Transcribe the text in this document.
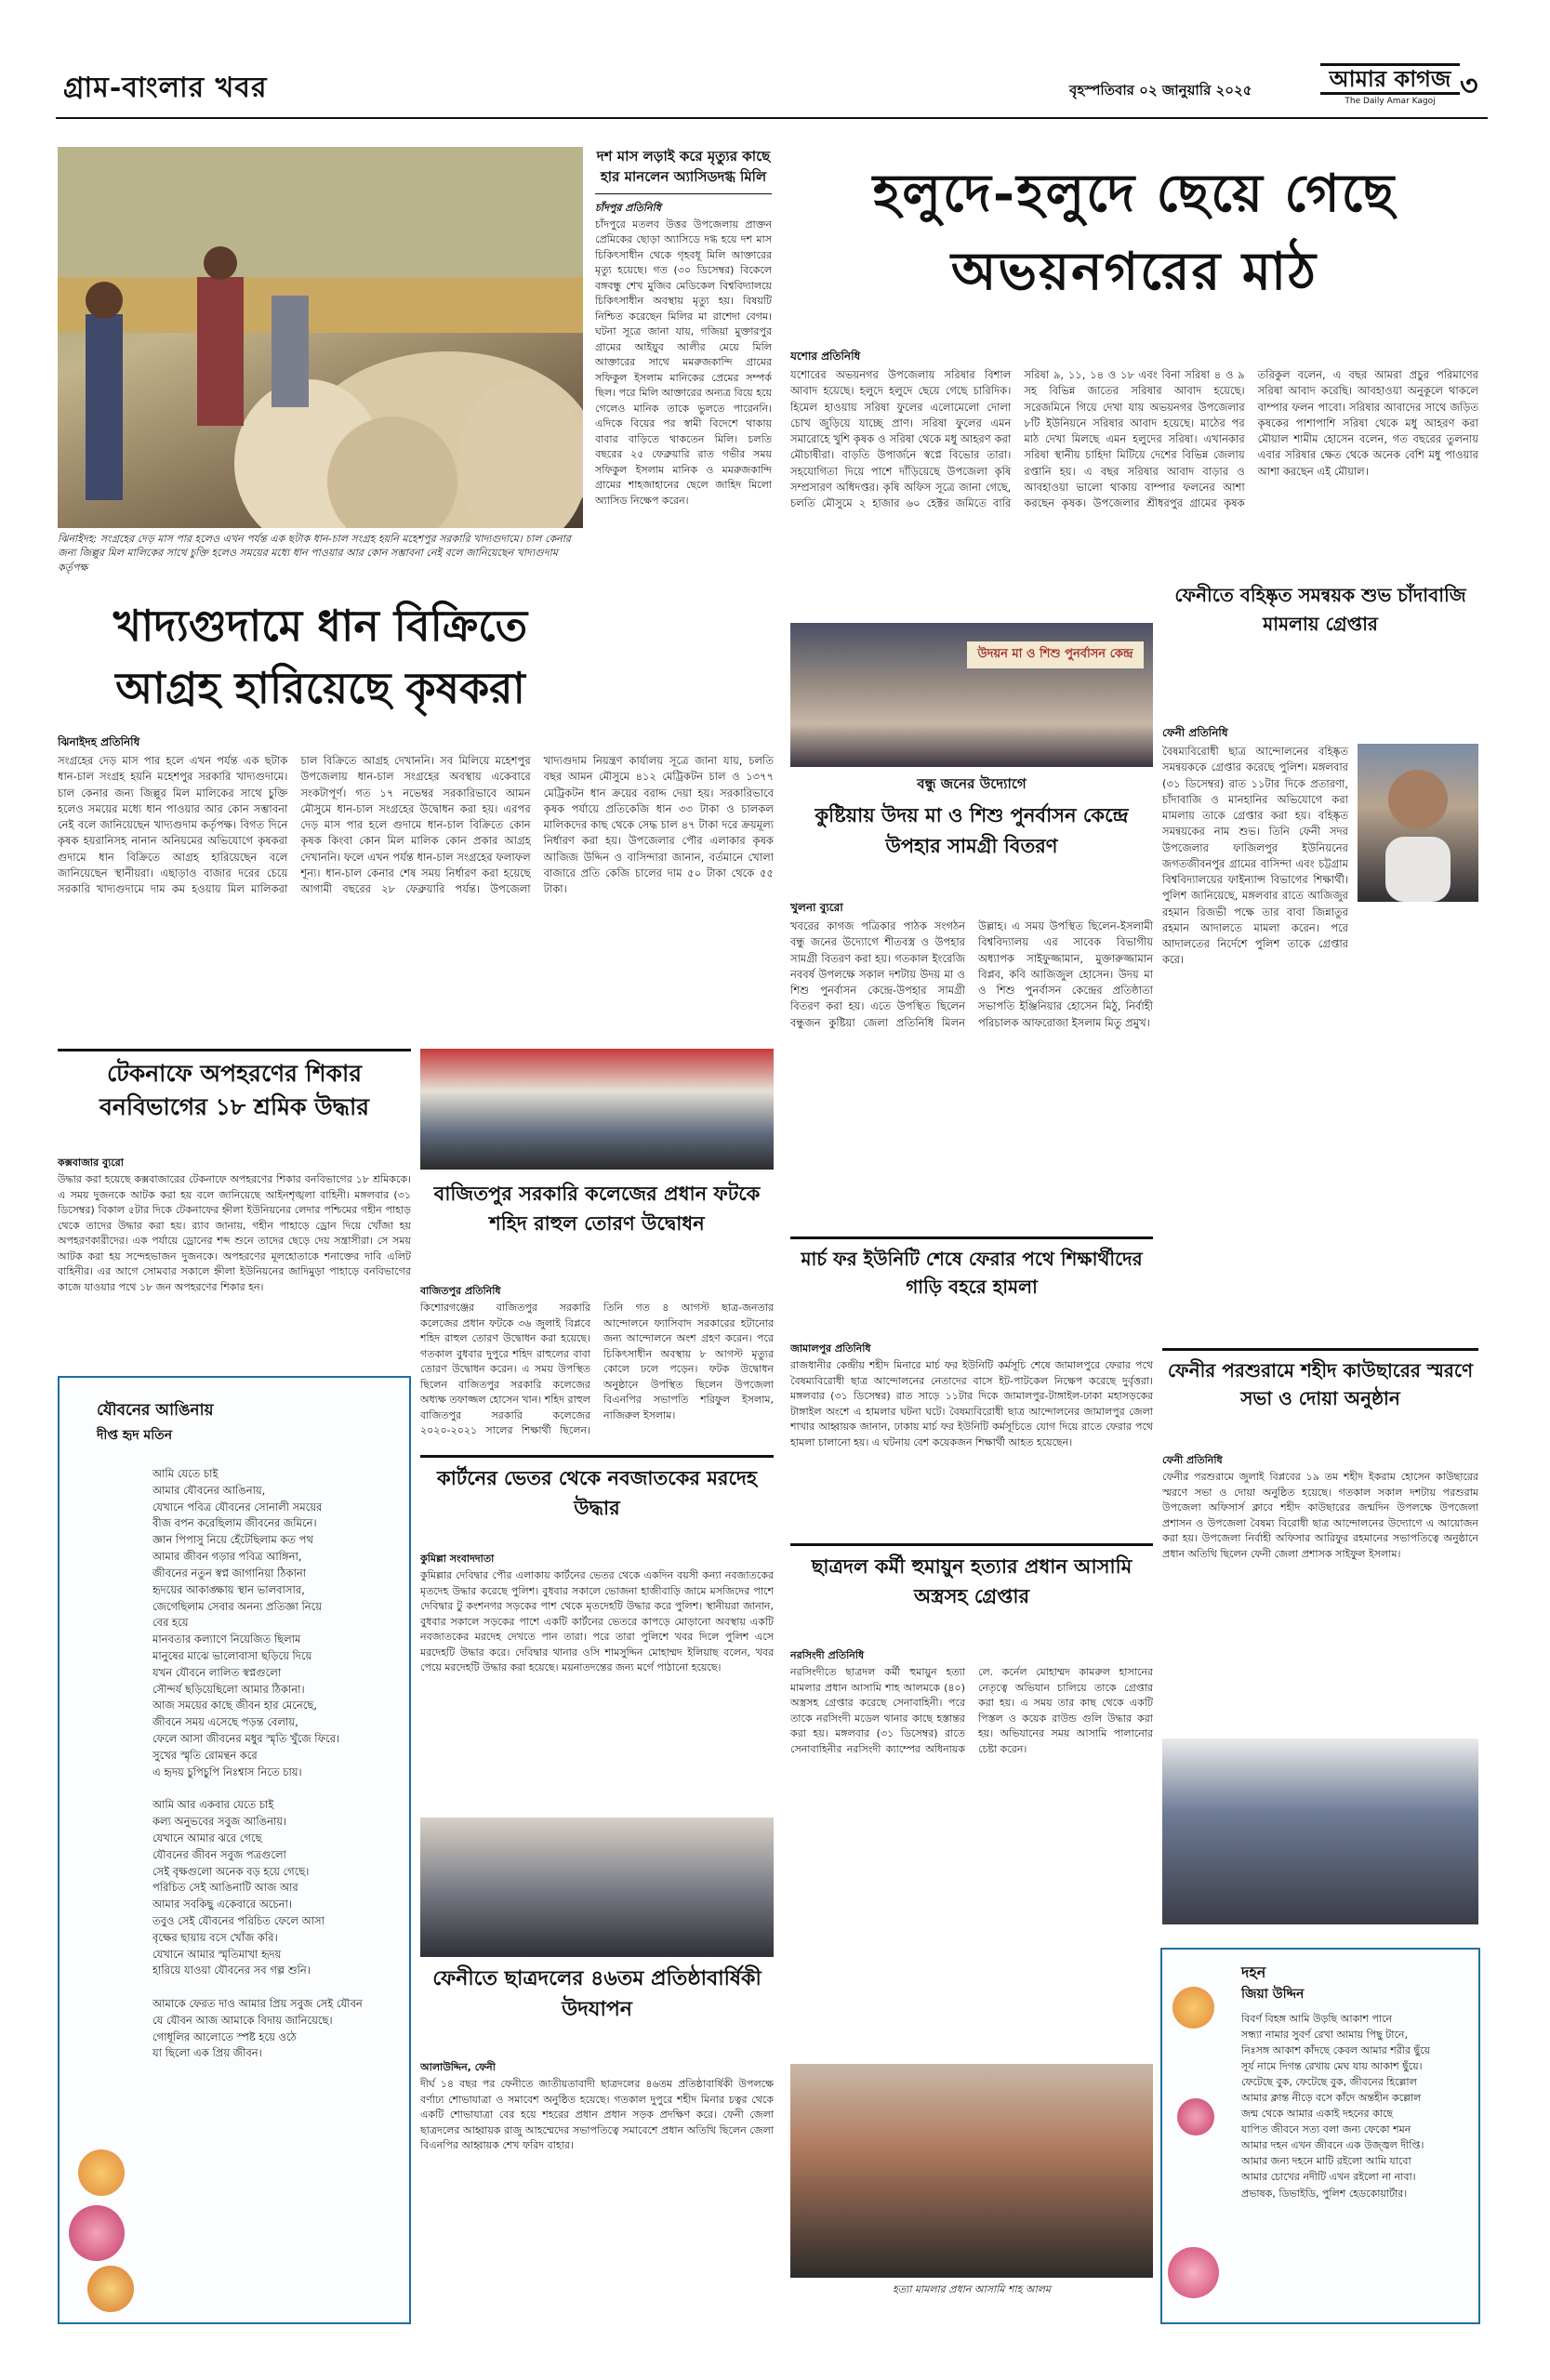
গ্রাম-বাংলার খবর	বৃহস্পতিবার ০২ জানুয়ারি ২০২৫	আমার কাগজ
The Daily Amar Kagoj ৩
ঝিনাইদহ: সংগ্রহের দেড় মাস পার হলেও এখন পর্যন্ত এক ছটাক ধান-চাল সংগ্রহ হয়নি মহেশপুর সরকারি খাদ্যগুদামে। চাল কেনার জন্য জিল্লুর মিল মালিকের সাথে চুক্তি হলেও সময়ের মধ্যে ধান পাওয়ার আর কোন সম্ভাবনা নেই বলে জানিয়েছেন খাদ্যগুদাম কর্তৃপক্ষ
দশ মাস লড়াই করে মৃত্যুর কাছে হার মানলেন অ্যাসিডদগ্ধ মিলি
চাঁদপুর প্রতিনিধি
চাঁদপুরে মতলব উত্তর উপজেলায় প্রাক্তন প্রেমিকের ছোড়া অ্যাসিডে দগ্ধ হয়ে দশ মাস চিকিৎসাধীন থেকে গৃহবধূ মিলি আক্তারের মৃত্যু হয়েছে। গত (৩০ ডিসেম্বর) বিকেলে বঙ্গবন্ধু শেখ মুজিব মেডিকেল বিশ্ববিদ্যালয়ে চিকিৎসাধীন অবস্থায় মৃত্যু হয়। বিষয়টি নিশ্চিত করেছেন মিলির মা রাশেদা বেগম। ঘটনা সূত্রে জানা যায়, গজিয়া মুক্তারপুর গ্রামের আইয়ুব আলীর মেয়ে মিলি আক্তারের সাথে মমরুজকান্দি গ্রামের সফিকুল ইসলাম মানিকের প্রেমের সম্পর্ক ছিল। পরে মিলি আক্তারের অন্যত্র বিয়ে হয়ে গেলেও মানিক তাকে ভুলতে পারেননি। এদিকে বিয়ের পর স্বামী বিদেশে থাকায় বাবার বাড়িতে থাকতেন মিলি। চলতি বছরের ২৫ ফেব্রুয়ারি রাত গভীর সময় সফিকুল ইসলাম মানিক ও মমরুজকান্দি গ্রামের শাহজাহানের ছেলে জাহিদ মিলো অ্যাসিড নিক্ষেপ করেন।
হলুদে-হলুদে ছেয়ে গেছে অভয়নগরের মাঠ
যশোর প্রতিনিধি
যশোরের অভয়নগর উপজেলায় সরিষার বিশাল আবাদ হয়েছে। হলুদে হলুদে ছেয়ে গেছে চারিদিক। হিমেল হাওয়ায় সরিষা ফুলের এলোমেলো দোলা চোখ জুড়িয়ে যাচ্ছে প্রাণ। সরিষা ফুলের এমন সমারোহে খুশি কৃষক ও সরিষা থেকে মধু আহরণ করা মৌচাষীরা। বাড়তি উপার্জনে স্বপ্নে বিভোর তারা। সহযোগিতা দিয়ে পাশে দাঁড়িয়েছে উপজেলা কৃষি সম্প্রসারণ অধিদপ্তর। কৃষি অফিস সূত্রে জানা গেছে, চলতি মৌসুমে ২ হাজার ৬০ হেক্টর জমিতে বারি সরিষা ৯, ১১, ১৪ ও ১৮ এবং বিনা সরিষা ৪ ও ৯ সহ বিভিন্ন জাতের সরিষার আবাদ হয়েছে। সরেজমিনে গিয়ে দেখা যায় অভয়নগর উপজেলার ৮টি ইউনিয়নে সরিষার আবাদ হয়েছে। মাঠের পর মাঠ দেখা মিলছে এমন হলুদের সরিষা। এখানকার সরিষা স্থানীয় চাহিদা মিটিয়ে দেশের বিভিন্ন জেলায় রপ্তানি হয়। এ বছর সরিষার আবাদ বাড়ার ও আবহাওয়া ভালো থাকায় বাম্পার ফলনের আশা করছেন কৃষক। উপজেলার শ্রীধরপুর গ্রামের কৃষক তরিকুল বলেন, এ বছর আমরা প্রচুর পরিমাণের সরিষা আবাদ করেছি। আবহাওয়া অনুকূলে থাকলে বাম্পার ফলন পাবো। সরিষার আবাদের সাথে জড়িত কৃষকের পাশাপাশি সরিষা থেকে মধু আহরণ করা মৌয়াল শামীম হোসেন বলেন, গত বছরের তুলনায় এবার সরিষার ক্ষেত থেকে অনেক বেশি মধু পাওয়ার আশা করছেন এই মৌয়াল।
খাদ্যগুদামে ধান বিক্রিতে আগ্রহ হারিয়েছে কৃষকরা
ঝিনাইদহ প্রতিনিধি
সংগ্রহের দেড় মাস পার হলে এখন পর্যন্ত এক ছটাক ধান-চাল সংগ্রহ হয়নি মহেশপুর সরকারি খাদ্যগুদামে। চাল কেনার জন্য জিল্লুর মিল মালিকের সাথে চুক্তি হলেও সময়ের মধ্যে ধান পাওয়ার আর কোন সম্ভাবনা নেই বলে জানিয়েছেন খাদ্যগুদাম কর্তৃপক্ষ। বিগত দিনে কৃষক হয়রানিসহ নানান অনিয়মের অভিযোগে কৃষকরা গুদামে ধান বিক্রিতে আগ্রহ হারিয়েছেন বলে জানিয়েছেন স্থানীয়রা। এছাড়াও বাজার দরের চেয়ে সরকারি খাদ্যগুদামে দাম কম হওয়ায় মিল মালিকরা চাল বিক্রিতে আগ্রহ দেখাননি। সব মিলিয়ে মহেশপুর উপজেলায় ধান-চাল সংগ্রহের অবস্থায় একেবারে সংকটাপূর্ণ। গত ১৭ নভেম্বর সরকারিভাবে আমন মৌসুমে ধান-চাল সংগ্রহের উদ্বোধন করা হয়। এরপর দেড় মাস পার হলে গুদামে ধান-চাল বিক্রিতে কোন কৃষক কিংবা কোন মিল মালিক কোন প্রকার আগ্রহ দেখাননি। ফলে এখন পর্যন্ত ধান-চাল সংগ্রহের ফলাফল শূন্য। ধান-চাল কেনার শেষ সময় নির্ধারণ করা হয়েছে আগামী বছরের ২৮ ফেব্রুয়ারি পর্যন্ত। উপজেলা খাদ্যগুদাম নিয়ন্ত্রণ কার্যালয় সূত্রে জানা যায়, চলতি বছর আমন মৌসুমে ৪১২ মেট্রিকটন চাল ও ১৩৭৭ মেট্রিকটন ধান ক্রয়ের বরাদ্দ দেয়া হয়। সরকারিভাবে কৃষক পর্যায়ে প্রতিকেজি ধান ৩৩ টাকা ও চালকল মালিকদের কাছ থেকে সেদ্ধ চাল ৪৭ টাকা দরে ক্রয়মূল্য নির্ধারণ করা হয়। উপজেলার পৌর এলাকার কৃষক আজিজ উদ্দিন ও বাসিন্দারা জানান, বর্তমানে খোলা বাজারে প্রতি কেজি চালের দাম ৫০ টাকা থেকে ৫৫ টাকা।
উদয়ন মা ও শিশু পুনর্বাসন কেন্দ্র
বন্ধু জনের উদ্যোগে
কুষ্টিয়ায় উদয় মা ও শিশু পুনর্বাসন কেন্দ্রে উপহার সামগ্রী বিতরণ
খুলনা ব্যুরো
খবরের কাগজ পত্রিকার পাঠক সংগঠন বন্ধু জনের উদ্যোগে শীতবস্ত্র ও উপহার সামগ্রী বিতরণ করা হয়। গতকাল ইংরেজি নববর্ষ উপলক্ষে সকাল দশটায় উদয় মা ও শিশু পুনর্বাসন কেন্দ্রে-উপহার সামগ্রী বিতরণ করা হয়। এতে উপস্থিত ছিলেন বন্ধুজন কুষ্টিয়া জেলা প্রতিনিধি মিলন উল্লাহ। এ সময় উপস্থিত ছিলেন-ইসলামী বিশ্ববিদ্যালয় এর সাবেক বিভাগীয় অধ্যাপক সাইফুজ্জামান, মুক্তারুজ্জামান বিপ্লব, কবি আজিজুল হোসেন। উদয় মা ও শিশু পুনর্বাসন কেন্দ্রের প্রতিষ্ঠাতা সভাপতি ইঞ্জিনিয়ার হোসেন মিঠু, নির্বাহী পরিচালক আফরোজা ইসলাম মিতু প্রমুখ।
ফেনীতে বহিষ্কৃত সমন্বয়ক শুভ চাঁদাবাজি মামলায় গ্রেপ্তার
ফেনী প্রতিনিধি
বৈষম্যবিরোধী ছাত্র আন্দোলনের বহিষ্কৃত সমন্বয়ককে গ্রেপ্তার করেছে পুলিশ। মঙ্গলবার (৩১ ডিসেম্বর) রাত ১১টার দিকে প্রতারণা, চাঁদাবাজি ও মানহানির অভিযোগে করা মামলায় তাকে গ্রেপ্তার করা হয়। বহিষ্কৃত সমন্বয়কের নাম শুভ। তিনি ফেনী সদর উপজেলার ফাজিলপুর ইউনিয়নের জগতজীবনপুর গ্রামের বাসিন্দা এবং চট্টগ্রাম বিশ্ববিদ্যালয়ের ফাইন্যান্স বিভাগের শিক্ষার্থী। পুলিশ জানিয়েছে, মঙ্গলবার রাতে আজিজুর রহমান রিজভী পক্ষে তার বাবা জিন্নাতুর রহমান আদালতে মামলা করেন। পরে আদালতের নির্দেশে পুলিশ তাকে গ্রেপ্তার করে।
টেকনাফে অপহরণের শিকার বনবিভাগের ১৮ শ্রমিক উদ্ধার
কক্সবাজার ব্যুরো
উদ্ধার করা হয়েছে কক্সবাজারের টেকনাফে অপহরণের শিকার বনবিভাগের ১৮ শ্রমিককে। এ সময় দুজনকে আটক করা হয় বলে জানিয়েছে আইনশৃঙ্খলা বাহিনী। মঙ্গলবার (৩১ ডিসেম্বর) বিকাল ৫টার দিকে টেকনাফের হ্নীলা ইউনিয়নের লেদার পশ্চিমের গহীন পাহাড় থেকে তাদের উদ্ধার করা হয়। র‍্যাব জানায়, গহীন পাহাড়ে ড্রোন দিয়ে খোঁজা হয় অপহরণকারীদের। এক পর্যায়ে ড্রোনের শব্দ শুনে তাদের ছেড়ে দেয় সন্ত্রাসীরা। সে সময় আটক করা হয় সন্দেহভাজন দুজনকে। অপহরণের মূলহোতাকে শনাক্তের দাবি এলিট বাহিনীর। এর আগে সোমবার সকালে হ্নীলা ইউনিয়নের জাদিমুড়া পাহাড়ে বনবিভাগের কাজে যাওয়ার পথে ১৮ জন অপহরণের শিকার হন।
বাজিতপুর সরকারি কলেজের প্রধান ফটকে শহিদ রাহুল তোরণ উদ্বোধন
বাজিতপুর প্রতিনিধি
কিশোরগঞ্জের বাজিতপুর সরকারি কলেজের প্রধান ফটকে ৩৬ জুলাই বিপ্লবে শহিদ রাহুল তোরণ উদ্বোধন করা হয়েছে। গতকাল বুধবার দুপুরে শহিদ রাহুলের বাবা তোরণ উদ্বোধন করেন। এ সময় উপস্থিত ছিলেন বাজিতপুর সরকারি কলেজের অধ্যক্ষ তফাজ্জল হোসেন খান। শহিদ রাহুল বাজিতপুর সরকারি কলেজের ২০২০-২০২১ সালের শিক্ষার্থী ছিলেন। তিনি গত ৪ আগস্ট ছাত্র-জনতার আন্দোলনে ফ্যাসিবাদ সরকারের হটানোর জন্য আন্দোলনে অংশ গ্রহণ করেন। পরে চিকিৎসাধীন অবস্থায় ৮ আগস্ট মৃত্যুর কোলে ঢলে পড়েন। ফটক উদ্বোধন অনুষ্ঠানে উপস্থিত ছিলেন উপজেলা বিএনপির সভাপতি শরিফুল ইসলাম, নাজিরুল ইসলাম।
মার্চ ফর ইউনিটি শেষে ফেরার পথে শিক্ষার্থীদের গাড়ি বহরে হামলা
জামালপুর প্রতিনিধি
রাজধানীর কেন্দ্রীয় শহীদ মিনারে মার্চ ফর ইউনিটি কর্মসূচি শেষে জামালপুরে ফেরার পথে বৈষম্যবিরোধী ছাত্র আন্দোলনের নেতাদের বাসে ইট-পাটকেল নিক্ষেপ করেছে দুর্বৃত্তরা। মঙ্গলবার (৩১ ডিসেম্বর) রাত সাড়ে ১১টার দিকে জামালপুর-টাঙ্গাইল-ঢাকা মহাসড়কের টাঙ্গাইল অংশে এ হামলার ঘটনা ঘটে। বৈষম্যবিরোধী ছাত্র আন্দোলনের জামালপুর জেলা শাখার আহ্বায়ক জানান, ঢাকায় মার্চ ফর ইউনিটি কর্মসূচিতে যোগ দিয়ে রাতে ফেরার পথে হামলা চালানো হয়। এ ঘটনায় বেশ কয়েকজন শিক্ষার্থী আহত হয়েছেন।
ফেনীর পরশুরামে শহীদ কাউছারের স্মরণে সভা ও দোয়া অনুষ্ঠান
ফেনী প্রতিনিধি
ফেনীর পরশুরামে জুলাই বিপ্লবের ১৯ তম শহীদ ইকরাম হোসেন কাউছারের স্মরণে সভা ও দোয়া অনুষ্ঠিত হয়েছে। গতকাল সকাল দশটায় পরশুরাম উপজেলা অফিসার্স ক্লাবে শহীদ কাউছারের জন্মদিন উপলক্ষে উপজেলা প্রশাসন ও উপজেলা বৈষম্য বিরোধী ছাত্র আন্দোলনের উদ্যোগে এ আয়োজন করা হয়। উপজেলা নির্বাহী অফিসার আরিফুর রহমানের সভাপতিত্বে অনুষ্ঠানে প্রধান অতিথি ছিলেন ফেনী জেলা প্রশাসক সাইফুল ইসলাম।
যৌবনের আঙিনায়
দীপ্ত হৃদ মতিন
আমি যেতে চাই
আমার যৌবনের আঙিনায়,
যেখানে পবিত্র যৌবনের সোনালী সময়ের
বীজ বপন করেছিলাম জীবনের জমিনে।
জ্ঞান পিপাসু নিয়ে হেঁটেছিলাম কত পথ
আমার জীবন গড়ার পবিত্র আঙ্গিনা,
জীবনের নতুন স্বপ্ন জাগানিয়া ঠিকানা
হৃদয়ের আকাঙ্ক্ষায় স্থান ভালবাসার,
জেগেছিলাম সেবার অনন্য প্রতিজ্ঞা নিয়ে
বের হয়ে
মানবতার কল্যাণে নিয়েজিত ছিলাম
মানুষের মাঝে ভালোবাসা ছড়িয়ে দিয়ে
যখন যৌবনে লালিত স্বপ্নগুলো
সৌন্দর্য ছড়িয়েছিলো আমার ঠিকানা।
আজ সময়ের কাছে জীবন হার মেনেছে,
জীবনে সময় এসেছে পড়ন্ত বেলায়,
ফেলে আসা জীবনের মধুর স্মৃতি খুঁজে ফিরে।
সুখের স্মৃতি রোমন্থন করে
এ হৃদয় চুপিচুপি নিঃশ্বাস নিতে চায়।

আমি আর একবার যেতে চাই
কল্য অনুভবের সবুজ আঙিনায়।
যেখানে আমার ঝরে গেছে
যৌবনের জীবন সবুজ পত্রগুলো
সেই বৃক্ষগুলো অনেক বড় হয়ে গেছে।
পরিচিত সেই আঙিনাটি আজ আর
আমার সবকিছু একেবারে অচেনা।
তবুও সেই যৌবনের পরিচিত ফেলে আসা
বৃক্ষের ছায়ায় বসে খোঁজ করি।
যেখানে আমার স্মৃতিমাখা হৃদয়
হারিয়ে যাওয়া যৌবনের সব গল্প শুনি।

আমাকে ফেরত দাও আমার প্রিয় সবুজ সেই যৌবন
যে যৌবন আজ আমাকে বিদায় জানিয়েছে।
গোধূলির আলোতে স্পষ্ট হয়ে ওঠে
যা ছিলো এক প্রিয় জীবন।
কার্টনের ভেতর থেকে নবজাতকের মরদেহ উদ্ধার
কুমিল্লা সংবাদদাতা
কুমিল্লার দেবিদ্বার পৌর এলাকায় কার্টনের ভেতর থেকে একদিন বয়সী কন্যা নবজাতকের মৃতদেহ উদ্ধার করেছে পুলিশ। বুধবার সকালে ভোজনা হাজীবাড়ি জামে মসজিদের পাশে দেবিদ্বার টু কংশনগর সড়কের পাশ থেকে মৃতদেহটি উদ্ধার করে পুলিশ। স্থানীয়রা জানান, বুধবার সকালে সড়কের পাশে একটি কার্টনের ভেতরে কাপড়ে মোড়ানো অবস্থায় একটি নবজাতকের মরদেহ দেখতে পান তারা। পরে তারা পুলিশে খবর দিলে পুলিশ এসে মরদেহটি উদ্ধার করে। দেবিদ্বার থানার ওসি শামসুদ্দিন মোহাম্মদ ইলিয়াছ বলেন, খবর পেয়ে মরদেহটি উদ্ধার করা হয়েছে। ময়নাতদন্তের জন্য মর্গে পাঠানো হয়েছে।
ছাত্রদল কর্মী হুমায়ুন হত্যার প্রধান আসামি অস্ত্রসহ গ্রেপ্তার
নরসিংদী প্রতিনিধি
নরসিংদীতে ছাত্রদল কর্মী হুমায়ুন হত্যা মামলার প্রধান আসামি শাহ আলমকে (৪০) অস্ত্রসহ গ্রেপ্তার করেছে সেনাবাহিনী। পরে তাকে নরসিংদী মডেল থানার কাছে হস্তান্তর করা হয়। মঙ্গলবার (৩১ ডিসেম্বর) রাতে সেনাবাহিনীর নরসিংদী ক্যাম্পের অধিনায়ক লে. কর্নেল মোহাম্মদ কামরুল হাসানের নেতৃত্বে অভিযান চালিয়ে তাকে গ্রেপ্তার করা হয়। এ সময় তার কাছ থেকে একটি পিস্তল ও কয়েক রাউন্ড গুলি উদ্ধার করা হয়। অভিযানের সময় আসামি পালানোর চেষ্টা করেন।
হত্যা মামলার প্রধান আসামি শাহ আলম
ফেনীতে ছাত্রদলের ৪৬তম প্রতিষ্ঠাবার্ষিকী উদযাপন
আলাউদ্দিন, ফেনী
দীর্ঘ ১৪ বছর পর ফেনীতে জাতীয়তাবাদী ছাত্রদলের ৪৬তম প্রতিষ্ঠাবার্ষিকী উপলক্ষে বর্ণাঢ্য শোভাযাত্রা ও সমাবেশ অনুষ্ঠিত হয়েছে। গতকাল দুপুরে শহীদ মিনার চত্বর থেকে একটি শোভাযাত্রা বের হয়ে শহরের প্রধান প্রধান সড়ক প্রদক্ষিণ করে। ফেনী জেলা ছাত্রদলের আহ্বায়ক রাজু আহম্মেদের সভাপতিত্বে সমাবেশে প্রধান অতিথি ছিলেন জেলা বিএনপির আহ্বায়ক শেখ ফরিদ বাহার।
দহন
জিয়া উদ্দিন
বিবর্ণ বিহঙ্গ আমি উড়ছি আকাশ পানে
সন্ধ্যা নামার সুবর্ণ রেখা আমায় পিছু টানে,
নিঃসঙ্গ আকাশ কাঁদছে কেবল আমার শরীর ছুঁয়ে
সূর্য নামে দিগন্ত রেখায় মেঘ যায় আকাশ ছুঁয়ে।
ফেটেছে বুক, ফেটেছে বুক, জীবনের হিল্লোল
আমার ক্লান্ত নীড়ে বসে কাঁদে অন্তহীন কল্লোল
জন্ম থেকে আমার একাই দহনের কাছে
যাপিত জীবনে সত্য বলা জন্য ফেকো শমন
আমার দহন এখন জীবনে এক উজ্জ্বল দীপ্তি।
আমার জন্য দহনে মাটি রইলো আমি যাবো
আমার চোখের নদীটি এখন রইলো না নাবা।
প্রভাষক, ডিভাইডি, পুলিশ হেডকোয়ার্টার।
